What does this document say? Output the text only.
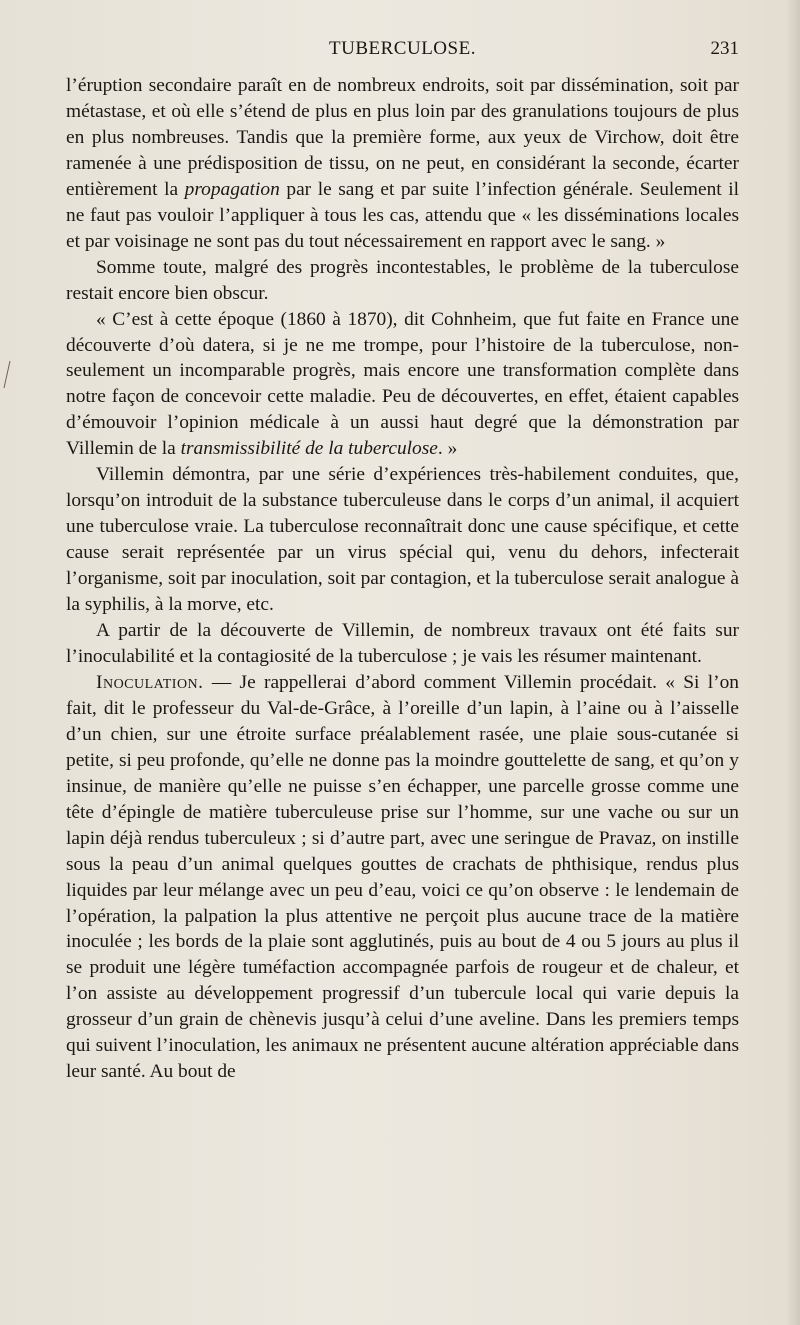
TUBERCULOSE.	231

l’éruption secondaire paraît en de nombreux endroits, soit par dissémination, soit par métastase, et où elle s’étend de plus en plus loin par des granulations toujours de plus en plus nombreuses. Tandis que la première forme, aux yeux de Virchow, doit être ramenée à une prédisposition de tissu, on ne peut, en considérant la seconde, écarter entièrement la propagation par le sang et par suite l’infection générale. Seulement il ne faut pas vouloir l’appliquer à tous les cas, attendu que « les disséminations locales et par voisinage ne sont pas du tout nécessairement en rapport avec le sang. »

Somme toute, malgré des progrès incontestables, le problème de la tuberculose restait encore bien obscur.

« C’est à cette époque (1860 à 1870), dit Cohnheim, que fut faite en France une découverte d’où datera, si je ne me trompe, pour l’histoire de la tuberculose, non-seulement un incomparable progrès, mais encore une transformation complète dans notre façon de concevoir cette maladie. Peu de découvertes, en effet, étaient capables d’émouvoir l’opinion médicale à un aussi haut degré que la démonstration par Villemin de la transmissibilité de la tuberculose. »

Villemin démontra, par une série d’expériences très-habilement conduites, que, lorsqu’on introduit de la substance tuberculeuse dans le corps d’un animal, il acquiert une tuberculose vraie. La tuberculose reconnaîtrait donc une cause spécifique, et cette cause serait représentée par un virus spécial qui, venu du dehors, infecterait l’organisme, soit par inoculation, soit par contagion, et la tuberculose serait analogue à la syphilis, à la morve, etc.

A partir de la découverte de Villemin, de nombreux travaux ont été faits sur l’inoculabilité et la contagiosité de la tuberculose ; je vais les résumer maintenant.

Inoculation. — Je rappellerai d’abord comment Villemin procédait. « Si l’on fait, dit le professeur du Val-de-Grâce, à l’oreille d’un lapin, à l’aine ou à l’aisselle d’un chien, sur une étroite surface préalablement rasée, une plaie sous-cutanée si petite, si peu profonde, qu’elle ne donne pas la moindre gouttelette de sang, et qu’on y insinue, de manière qu’elle ne puisse s’en échapper, une parcelle grosse comme une tête d’épingle de matière tuberculeuse prise sur l’homme, sur une vache ou sur un lapin déjà rendus tuberculeux ; si d’autre part, avec une seringue de Pravaz, on instille sous la peau d’un animal quelques gouttes de crachats de phthisique, rendus plus liquides par leur mélange avec un peu d’eau, voici ce qu’on observe : le lendemain de l’opération, la palpation la plus attentive ne perçoit plus aucune trace de la matière inoculée ; les bords de la plaie sont agglutinés, puis au bout de 4 ou 5 jours au plus il se produit une légère tuméfaction accompagnée parfois de rougeur et de chaleur, et l’on assiste au développement progressif d’un tubercule local qui varie depuis la grosseur d’un grain de chènevis jusqu’à celui d’une aveline. Dans les premiers temps qui suivent l’inoculation, les animaux ne présentent aucune altération appréciable dans leur santé. Au bout de
